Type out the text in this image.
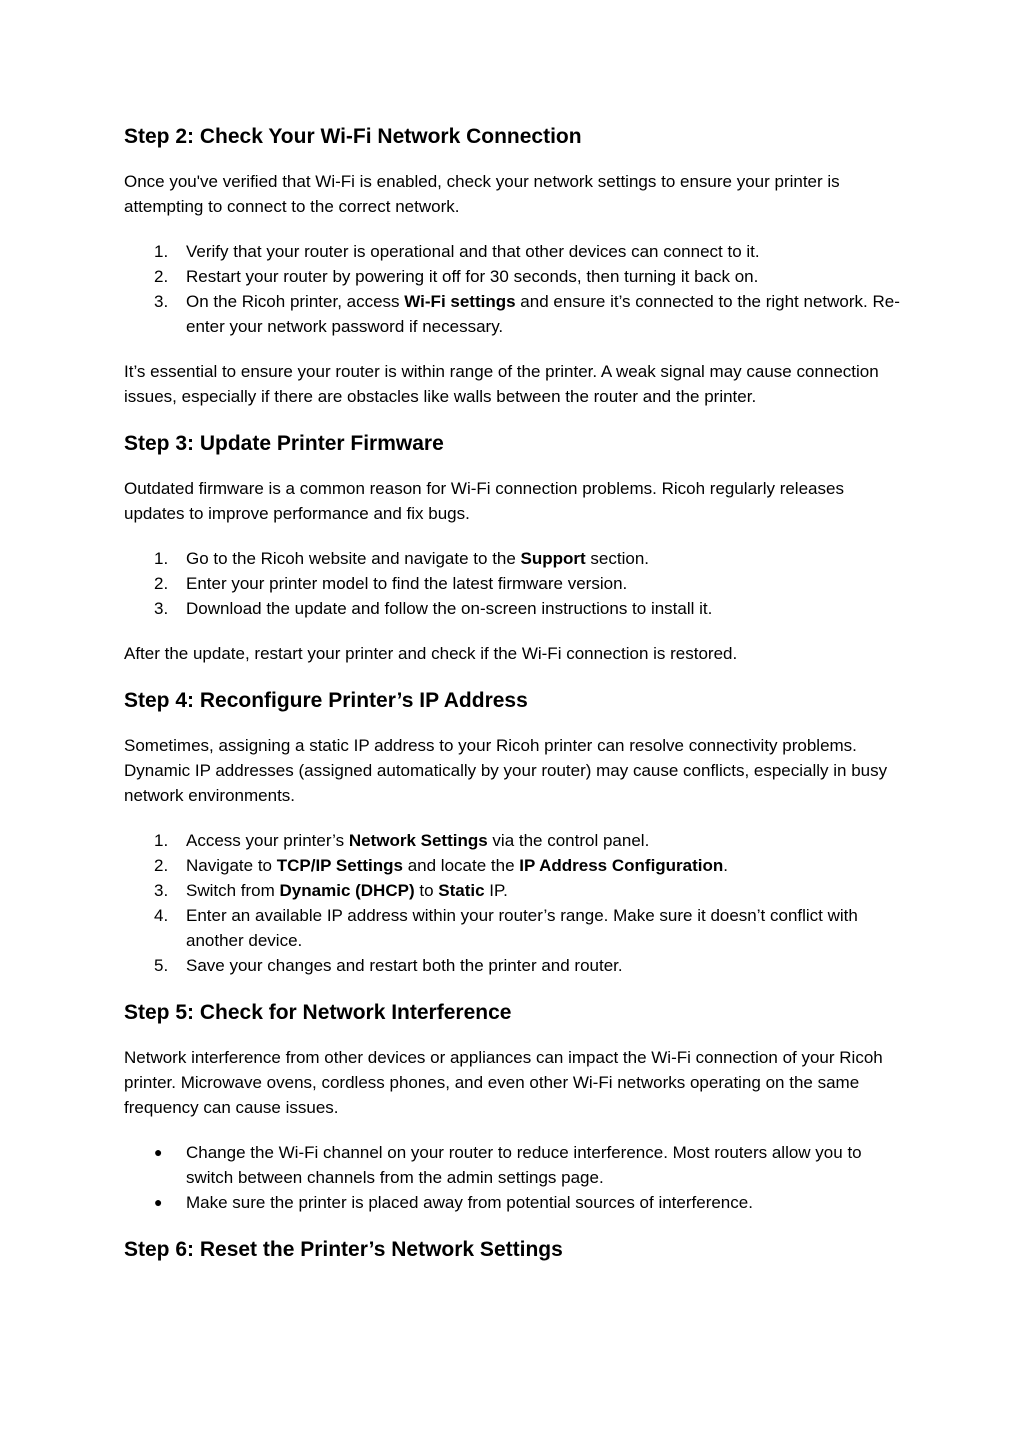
Step 2: Check Your Wi-Fi Network Connection

Once you've verified that Wi-Fi is enabled, check your network settings to ensure your printer is attempting to connect to the correct network.

1.	Verify that your router is operational and that other devices can connect to it.
2.	Restart your router by powering it off for 30 seconds, then turning it back on.
3.	On the Ricoh printer, access Wi-Fi settings and ensure it’s connected to the right network. Re-enter your network password if necessary.

It’s essential to ensure your router is within range of the printer. A weak signal may cause connection issues, especially if there are obstacles like walls between the router and the printer.

Step 3: Update Printer Firmware

Outdated firmware is a common reason for Wi-Fi connection problems. Ricoh regularly releases updates to improve performance and fix bugs.

1.	Go to the Ricoh website and navigate to the Support section.
2.	Enter your printer model to find the latest firmware version.
3.	Download the update and follow the on-screen instructions to install it.

After the update, restart your printer and check if the Wi-Fi connection is restored.

Step 4: Reconfigure Printer’s IP Address

Sometimes, assigning a static IP address to your Ricoh printer can resolve connectivity problems. Dynamic IP addresses (assigned automatically by your router) may cause conflicts, especially in busy network environments.

1.	Access your printer’s Network Settings via the control panel.
2.	Navigate to TCP/IP Settings and locate the IP Address Configuration.
3.	Switch from Dynamic (DHCP) to Static IP.
4.	Enter an available IP address within your router’s range. Make sure it doesn’t conflict with another device.
5.	Save your changes and restart both the printer and router.
Step 5: Check for Network Interference

Network interference from other devices or appliances can impact the Wi-Fi connection of your Ricoh printer. Microwave ovens, cordless phones, and even other Wi-Fi networks operating on the same frequency can cause issues.

●	Change the Wi-Fi channel on your router to reduce interference. Most routers allow you to switch between channels from the admin settings page.
●	Make sure the printer is placed away from potential sources of interference.
Step 6: Reset the Printer’s Network Settings
